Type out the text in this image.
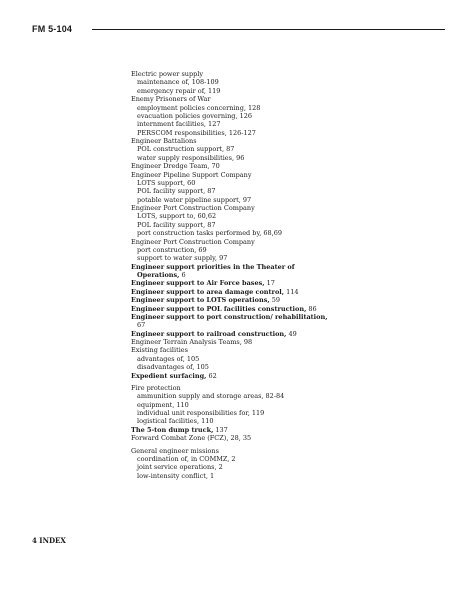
FM 5-104
Electric power supply
maintenance of, 108-109
emergency repair of, 119
Enemy Prisoners of War
employment policies concerning, 128
evacuation policies governing, 126
internment facilities, 127
PERSCOM responsibilities, 126-127
Engineer Battalions
POL construction support, 87
water supply responsibilities, 96
Engineer Dredge Team, 70
Engineer Pipeline Support Company
LOTS support, 60
POL facility support, 87
potable water pipeline support, 97
Engineer Port Construction Company
LOTS, support to, 60,62
POL facility support, 87
port construction tasks performed by, 68,69
Engineer Port Construction Company
port construction, 69
support to water supply, 97
Engineer support priorities in the Theater of Operations, 6
Engineer support to Air Force bases, 17
Engineer support to area damage control, 114
Engineer support to LOTS operations, 59
Engineer support to POL facilities construction, 86
Engineer support to port construction/ rehabilitation, 67
Engineer support to railroad construction, 49
Engineer Terrain Analysis Teams, 98
Existing facilities
advantages of, 105
disadvantages of, 105
Expedient surfacing, 62
Fire protection
ammunition supply and storage areas, 82-84
equipment, 110
individual unit responsibilities for, 119
logistical facilities, 110
The 5-ton dump truck, 137
Forward Combat Zone (FCZ), 28, 35
General engineer missions
coordination of, in COMMZ, 2
joint service operations, 2
low-intensity conflict, 1
4 INDEX
